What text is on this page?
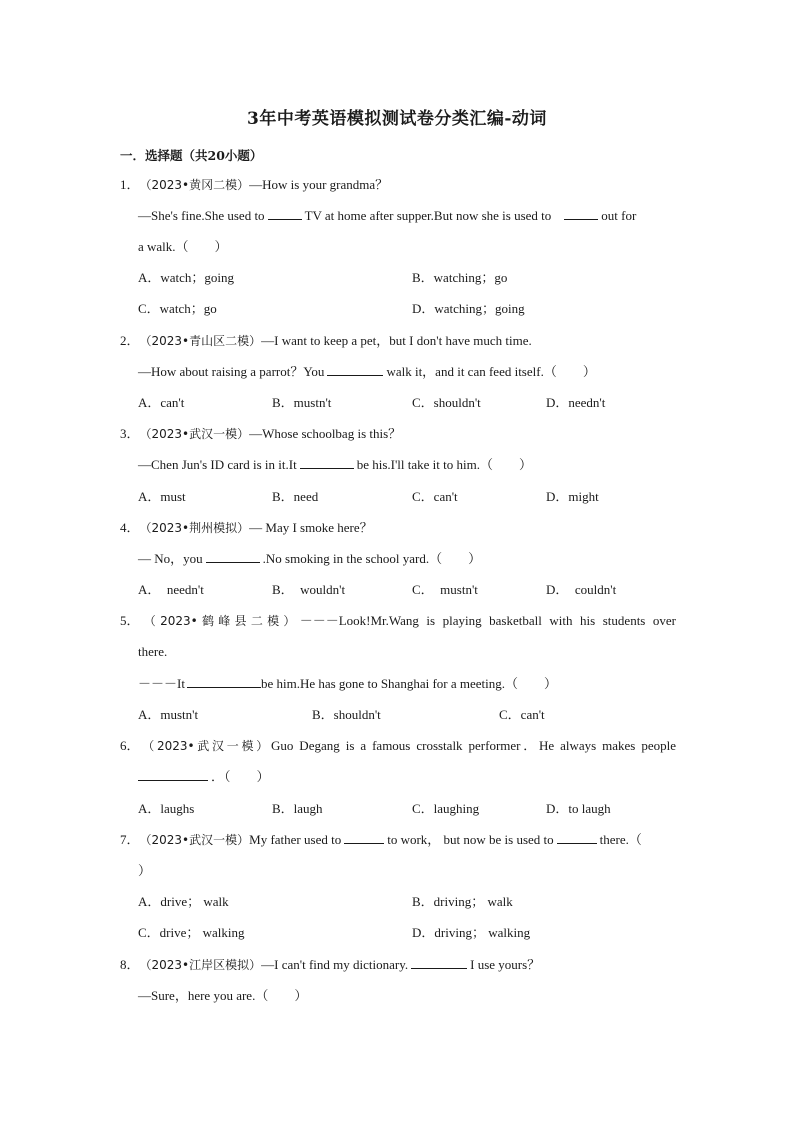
3年中考英语模拟测试卷分类汇编-动词
一．选择题（共20小题）
1．（2023•黄冈二模）—How is your grandma？
—She's fine.She used to	TV at home after supper.But now she is used to	out for
a walk.（　　）
A．watch；going	B．watching；go
C．watch；go	D．watching；going
2．（2023•青山区二模）—I want to keep a pet，but I don't have much time.
—How about raising a parrot？You	walk it，and it can feed itself.（　　）
A．can't	B．mustn't	C．shouldn't	D．needn't
3．（2023•武汉一模）—Whose schoolbag is this？
—Chen Jun's ID card is in it.It	be his.I'll take it to him.（　　）
A．must	B．need	C．can't	D．might
4．（2023•荆州模拟）— May I smoke here？
— No，you	.No smoking in the school yard.（　　）
A．　needn't	B．　wouldn't	C．　mustn't	D．　couldn't
5．（2023•鹤峰县二模）－－－Look!Mr.Wang is playing basketball with his students over
there.
－－－It	be him.He has gone to Shanghai for a meeting.（　　）
A．mustn't	B．shouldn't	C．can't
6．（2023•武汉一模）Guo Degang is a famous crosstalk performer．He always makes people
．（　　）
A．laughs	B．laugh	C．laughing	D．to laugh
7．（2023•武汉一模）My father used to	to work， but now be is used to	there.（
）
A．drive； walk	B．driving； walk
C．drive； walking	D．driving； walking
8．（2023•江岸区模拟）—I can't find my dictionary.	I use yours？
—Sure，here you are.（　　）
